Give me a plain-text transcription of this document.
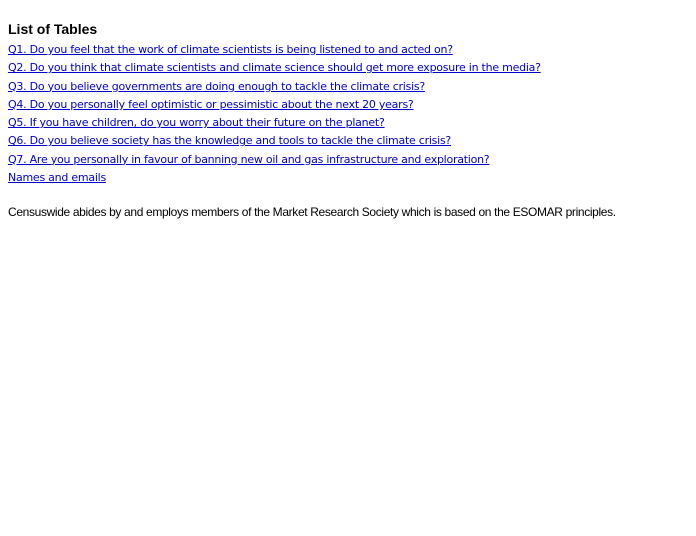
List of Tables
Q1. Do you feel that the work of climate scientists is being listened to and acted on?
Q2. Do you think that climate scientists and climate science should get more exposure in the media?
Q3. Do you believe governments are doing enough to tackle the climate crisis?
Q4. Do you personally feel optimistic or pessimistic about the next 20 years?
Q5. If you have children, do you worry about their future on the planet?
Q6. Do you believe society has the knowledge and tools to tackle the climate crisis?
Q7. Are you personally in favour of banning new oil and gas infrastructure and exploration?
Names and emails

Censuswide abides by and employs members of the Market Research Society which is based on the ESOMAR principles.
